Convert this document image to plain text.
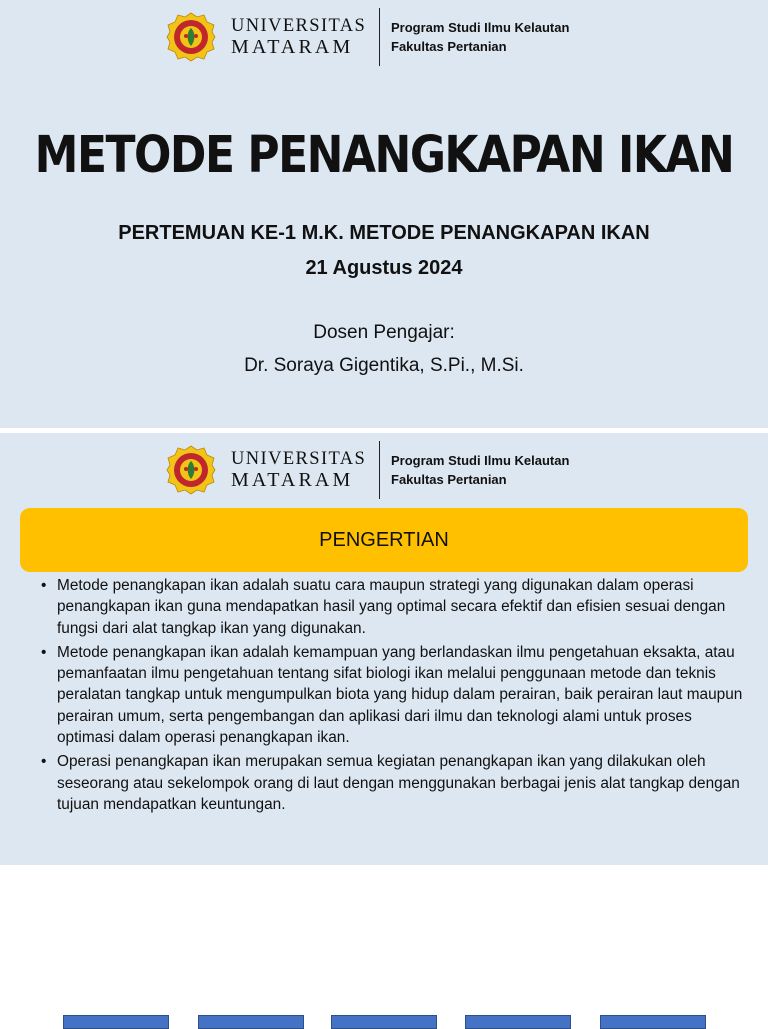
UNIVERSITAS
MATARAM
Program Studi Ilmu Kelautan
Fakultas Pertanian
METODE PENANGKAPAN IKAN
PERTEMUAN KE-1 M.K. METODE PENANGKAPAN IKAN
21 Agustus 2024
Dosen Pengajar:
Dr. Soraya Gigentika, S.Pi., M.Si.
UNIVERSITAS
MATARAM
Program Studi Ilmu Kelautan
Fakultas Pertanian
PENGERTIAN
• Metode penangkapan ikan adalah suatu cara maupun strategi yang digunakan dalam operasi penangkapan ikan guna mendapatkan hasil yang optimal secara efektif dan efisien sesuai dengan fungsi dari alat tangkap ikan yang digunakan.
• Metode penangkapan ikan adalah kemampuan yang berlandaskan ilmu pengetahuan eksakta, atau pemanfaatan ilmu pengetahuan tentang sifat biologi ikan melalui penggunaan metode dan teknis peralatan tangkap untuk mengumpulkan biota yang hidup dalam perairan, baik perairan laut maupun perairan umum, serta pengembangan dan aplikasi dari ilmu dan teknologi alami untuk proses optimasi dalam operasi penangkapan ikan.
• Operasi penangkapan ikan merupakan semua kegiatan penangkapan ikan yang dilakukan oleh seseorang atau sekelompok orang di laut dengan menggunakan berbagai jenis alat tangkap dengan tujuan mendapatkan keuntungan.
